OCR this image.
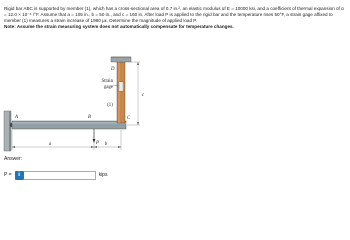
Rigid bar ABC is supported by member (1), which has a cross-sectional area of 0.7 in.², an elastic modulus of E = 10000 ksi, and a coefficient of thermal expansion of α = 12.0 × 10⁻⁶ /°F. Assume that a = 105 in., b = 50 in., and c = 160 in. After load P is applied to the rigid bar and the temperature rises 50°F, a strain gage affixed to member (1) measures a strain increase of 1980 με. Determine the magnitude of applied load P.

Note: Assume the strain measuring system does not automatically compensate for temperature changes.

Strain
gage
(1)
A	B	C
D
P
a	b
c
Answer:
P =	i	kips
